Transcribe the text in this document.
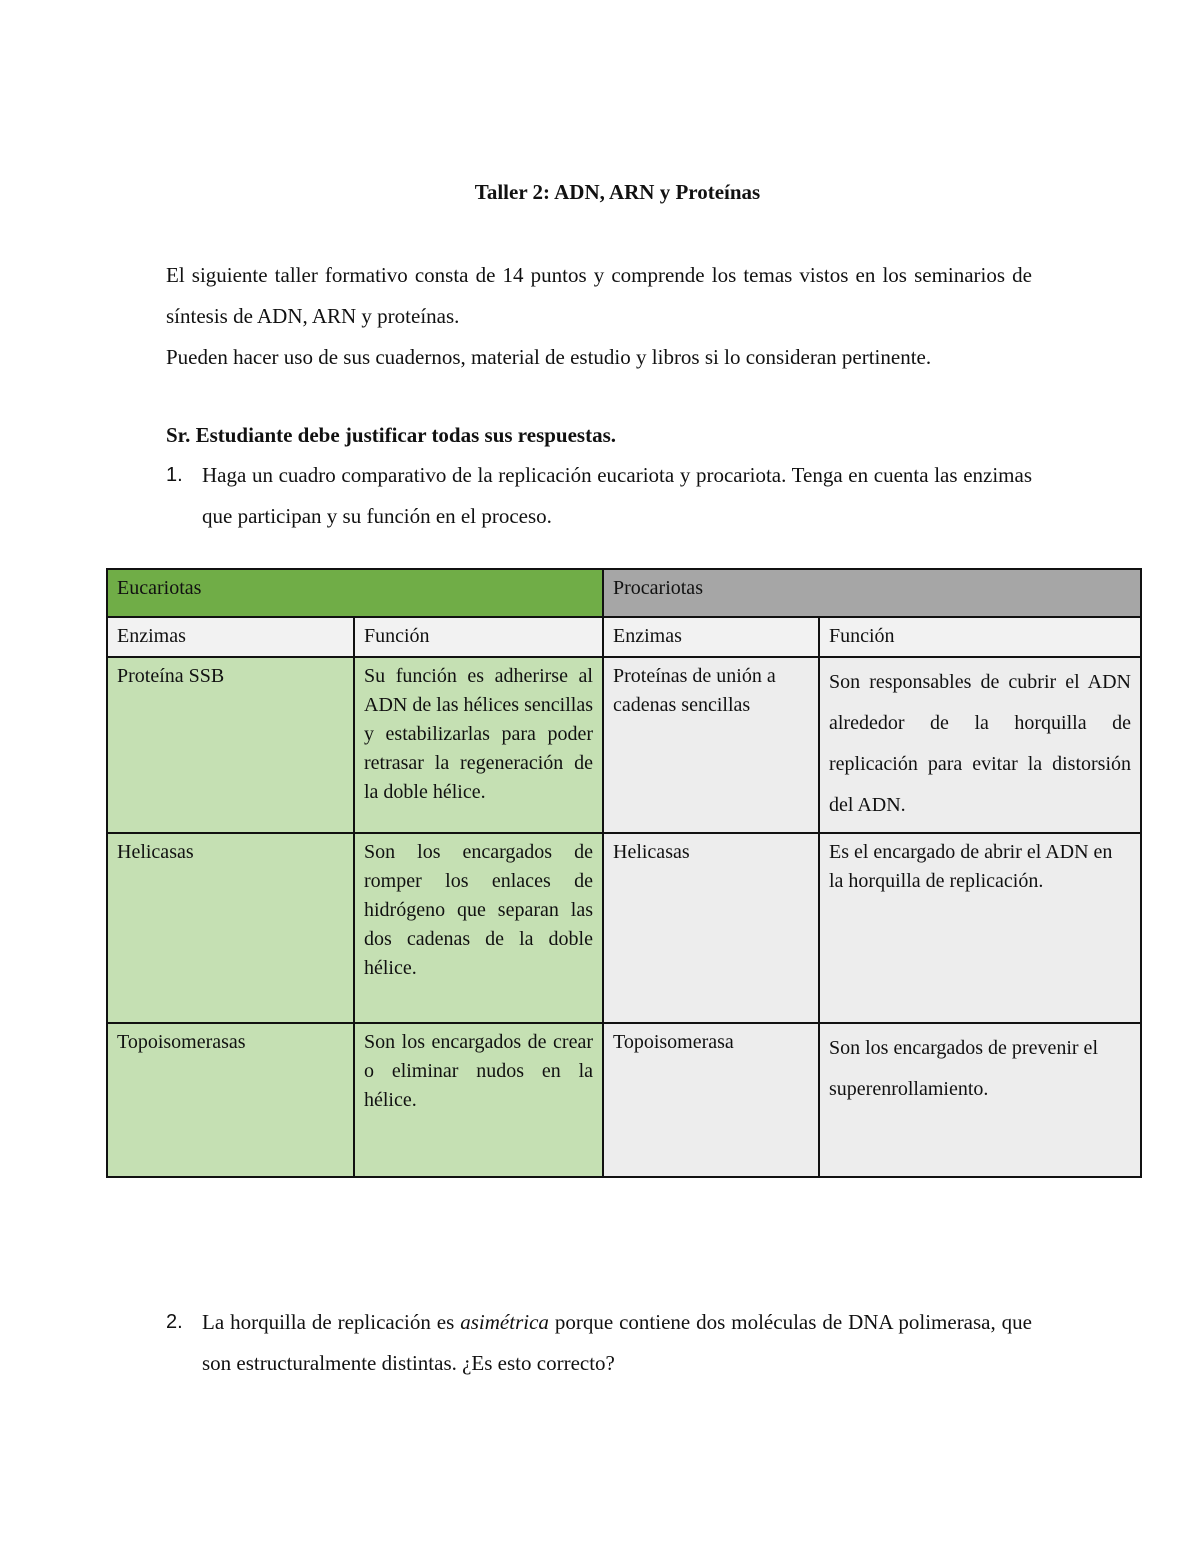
Taller 2: ADN, ARN y Proteínas

El siguiente taller formativo consta de 14 puntos y comprende los temas vistos en los seminarios de síntesis de ADN, ARN y proteínas.

Pueden hacer uso de sus cuadernos, material de estudio y libros si lo consideran pertinente.

Sr. Estudiante debe justificar todas sus respuestas.

1. Haga un cuadro comparativo de la replicación eucariota y procariota. Tenga en cuenta las enzimas que participan y su función en el proceso.
Eucariotas		Procariotas	
Enzimas	Función	Enzimas	Función
Proteína SSB	Su función es adherirse al ADN de las hélices sencillas y estabilizarlas para poder retrasar la regeneración de la doble hélice.	Proteínas de unión a cadenas sencillas	Son responsables de cubrir el ADN alrededor de la horquilla de replicación para evitar la distorsión del ADN.
Helicasas	Son los encargados de romper los enlaces de hidrógeno que separan las dos cadenas de la doble hélice.	Helicasas	Es el encargado de abrir el ADN en la horquilla de replicación.
Topoisomerasas	Son los encargados de crear o eliminar nudos en la hélice.	Topoisomerasa	Son los encargados de prevenir el superenrollamiento.
2. La horquilla de replicación es asimétrica porque contiene dos moléculas de DNA polimerasa, que son estructuralmente distintas. ¿Es esto correcto?
